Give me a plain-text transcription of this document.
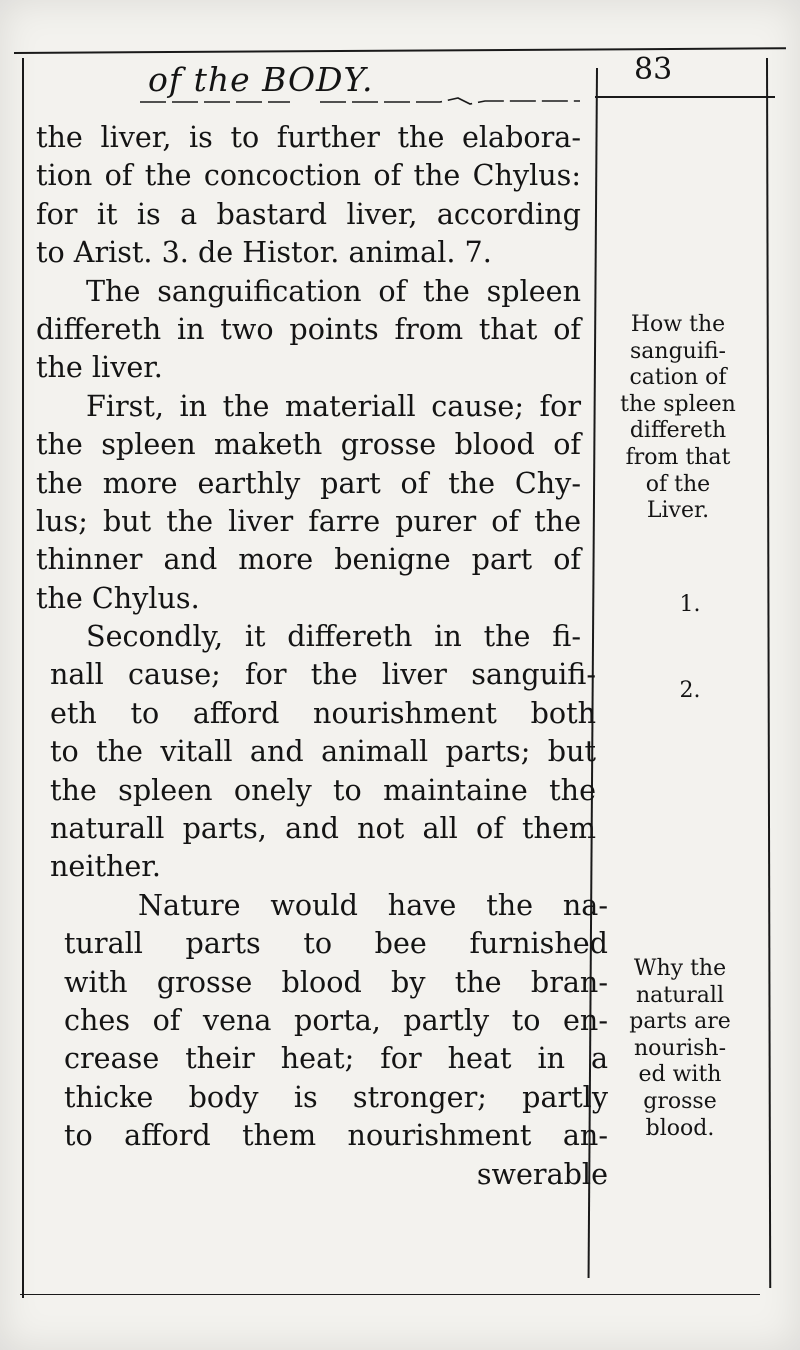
of the BODY.	83
the liver, is to further the elabora-
tion of the concoction of the Chylus:
for it is a bastard liver, according
to Arist. 3. de Histor. animal. 7.
The sanguification of the spleen
differeth in two points from that of
the liver.
First, in the materiall cause; for
the spleen maketh grosse blood of
the more earthly part of the Chy-
lus; but the liver farre purer of the
thinner and more benigne part of
the Chylus.
Secondly, it differeth in the fi-
nall cause; for the liver sanguifi-
eth to afford nourishment both
to the vitall and animall parts; but
the spleen onely to maintaine the
naturall parts, and not all of them
neither.
Nature would have the na-
turall parts to bee furnished
with grosse blood by the bran-
ches of vena porta, partly to en-
crease their heat; for heat in a
thicke body is stronger; partly
to afford them nourishment an-
swerable
How the
sanguifi-
cation of
the spleen
differeth
from that
of the
Liver.
1.
2.
Why the
naturall
parts are
nourish-
ed with
grosse
blood.
